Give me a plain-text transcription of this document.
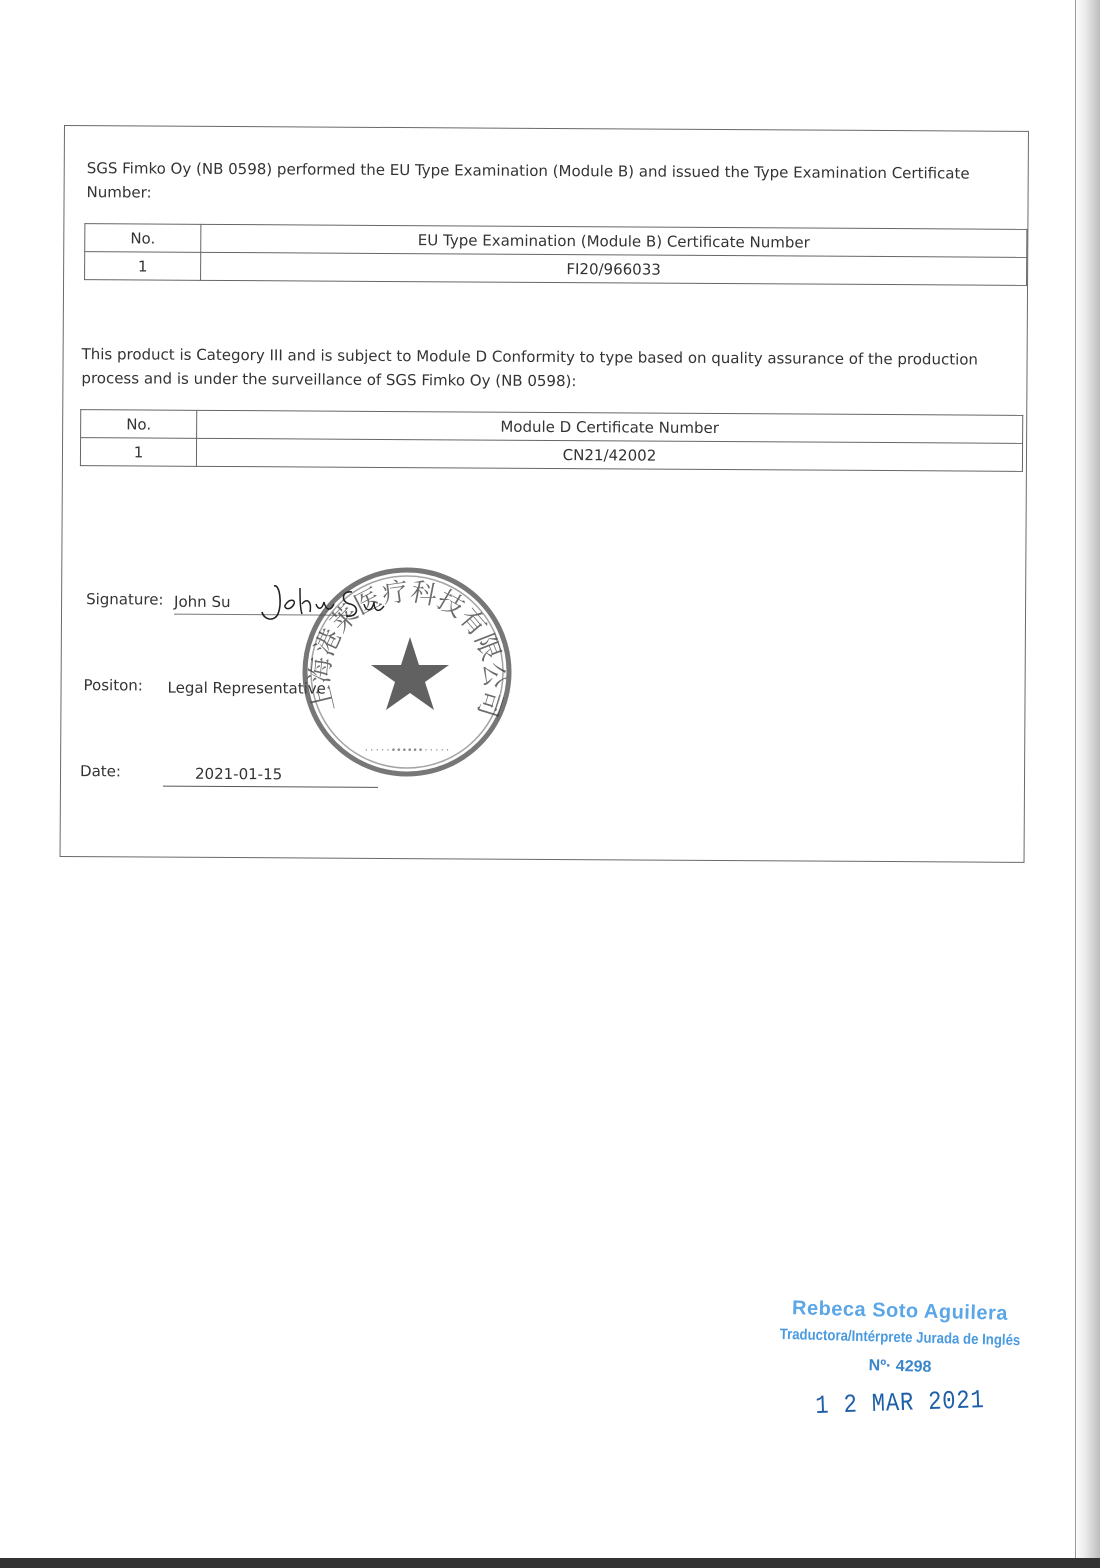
SGS Fimko Oy (NB 0598) performed the EU Type Examination (Module B) and issued the Type Examination Certificate Number:

No.	EU Type Examination (Module B) Certificate Number
1	FI20/966033

This product is Category III and is subject to Module D Conformity to type based on quality assurance of the production process and is under the surveillance of SGS Fimko Oy (NB 0598):

No.	Module D Certificate Number
1	CN21/42002
Signature: John Su
Positon: Legal Representative
Date:	2021-01-15
上海港莱医疗科技有限公司
·····••••••·····
Rebeca Soto Aguilera
Traductora/Intérprete Jurada de Inglés
Nº· 4298
1 2 MAR 2021
